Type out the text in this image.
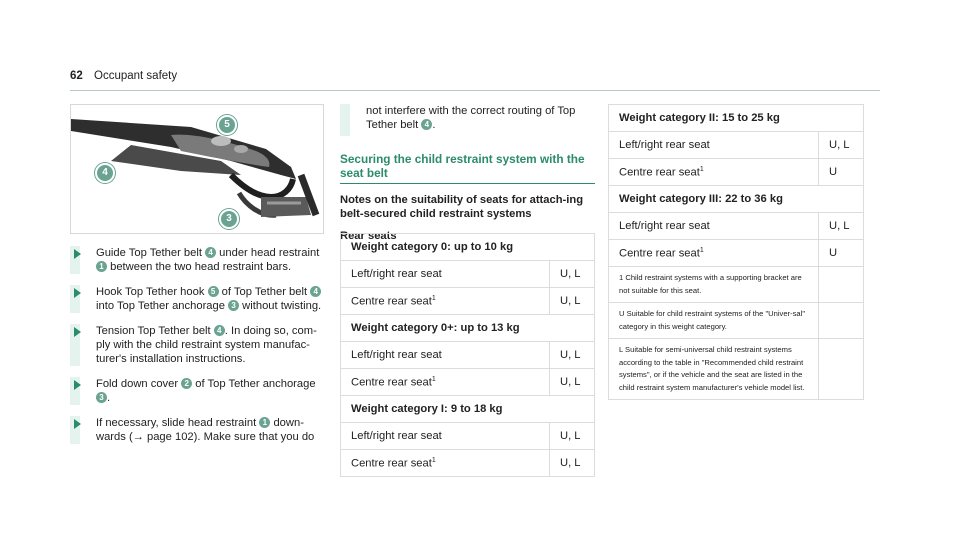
62 Occupant safety
5
4
3
Guide Top Tether belt 4 under head restraint 1 between the two head restraint bars.
Hook Top Tether hook 5 of Top Tether belt 4 into Top Tether anchorage 3 without twisting.
Tension Top Tether belt 4 . In doing so, com-ply with the child restraint system manufac-turer's installation instructions.
Fold down cover 2 of Top Tether anchorage 3 .
If necessary, slide head restraint 1 down-wards (→ page 102). Make sure that you do
not interfere with the correct routing of Top Tether belt 4 .
Securing the child restraint system with the seat belt
Notes on the suitability of seats for attach-ing belt-secured child restraint systems
Rear seats
Weight category 0: up to 10 kg	
Left/right rear seat	U, L
Centre rear seat$^1$	U, L
Weight category 0+: up to 13 kg	
Left/right rear seat	U, L
Centre rear seat$^1$	U, L
Weight category I: 9 to 18 kg	
Left/right rear seat	U, L
Centre rear seat$^1$	U, L
Weight category II: 15 to 25 kg	
Left/right rear seat	U, L
Centre rear seat$^1$	U
Weight category III: 22 to 36 kg	
Left/right rear seat	U, L
Centre rear seat$^1$	U
1 Child restraint systems with a supporting bracket are not suitable for this seat.	
U Suitable for child restraint systems of the "Univer-sal" category in this weight category.	
L Suitable for semi-universal child restraint systems according to the table in "Recommended child restraint systems", or if the vehicle and the seat are listed in the child restraint system manufacturer's vehicle model list.	
